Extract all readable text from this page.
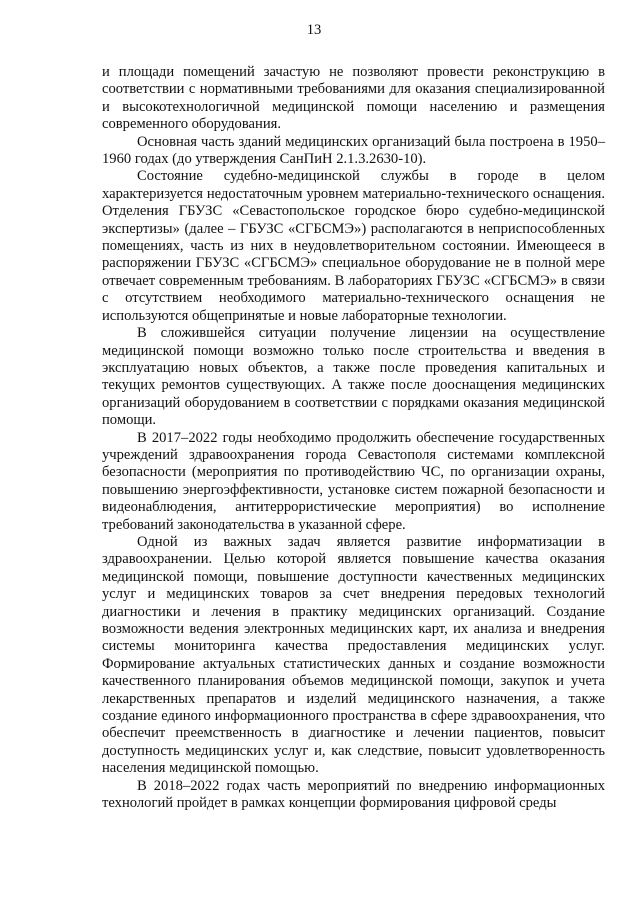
13

и площади помещений зачастую не позволяют провести реконструкцию в соответствии с нормативными требованиями для оказания специализированной и высокотехнологичной медицинской помощи населению и размещения современного оборудования.

Основная часть зданий медицинских организаций была построена в 1950–1960 годах (до утверждения СанПиН 2.1.3.2630-10).

Состояние судебно-медицинской службы в городе в целом характеризуется недостаточным уровнем материально-технического оснащения. Отделения ГБУЗС «Севастопольское городское бюро судебно-медицинской экспертизы» (далее – ГБУЗС «СГБСМЭ») располагаются в неприспособленных помещениях, часть из них в неудовлетворительном состоянии. Имеющееся в распоряжении ГБУЗС «СГБСМЭ» специальное оборудование не в полной мере отвечает современным требованиям. В лабораториях ГБУЗС «СГБСМЭ» в связи с отсутствием необходимого материально-технического оснащения не используются общепринятые и новые лабораторные технологии.

В сложившейся ситуации получение лицензии на осуществление медицинской помощи возможно только после строительства и введения в эксплуатацию новых объектов, а также после проведения капитальных и текущих ремонтов существующих. А также после дооснащения медицинских организаций оборудованием в соответствии с порядками оказания медицинской помощи.

В 2017–2022 годы необходимо продолжить обеспечение государственных учреждений здравоохранения города Севастополя системами комплексной безопасности (мероприятия по противодействию ЧС, по организации охраны, повышению энергоэффективности, установке систем пожарной безопасности и видеонаблюдения, антитеррористические мероприятия) во исполнение требований законодательства в указанной сфере.

Одной из важных задач является развитие информатизации в здравоохранении. Целью которой является повышение качества оказания медицинской помощи, повышение доступности качественных медицинских услуг и медицинских товаров за счет внедрения передовых технологий диагностики и лечения в практику медицинских организаций. Создание возможности ведения электронных медицинских карт, их анализа и внедрения системы мониторинга качества предоставления медицинских услуг. Формирование актуальных статистических данных и создание возможности качественного планирования объемов медицинской помощи, закупок и учета лекарственных препаратов и изделий медицинского назначения, а также создание единого информационного пространства в сфере здравоохранения, что обеспечит преемственность в диагностике и лечении пациентов, повысит доступность медицинских услуг и, как следствие, повысит удовлетворенность населения медицинской помощью.

В 2018–2022 годах часть мероприятий по внедрению информационных технологий пройдет в рамках концепции формирования цифровой среды
